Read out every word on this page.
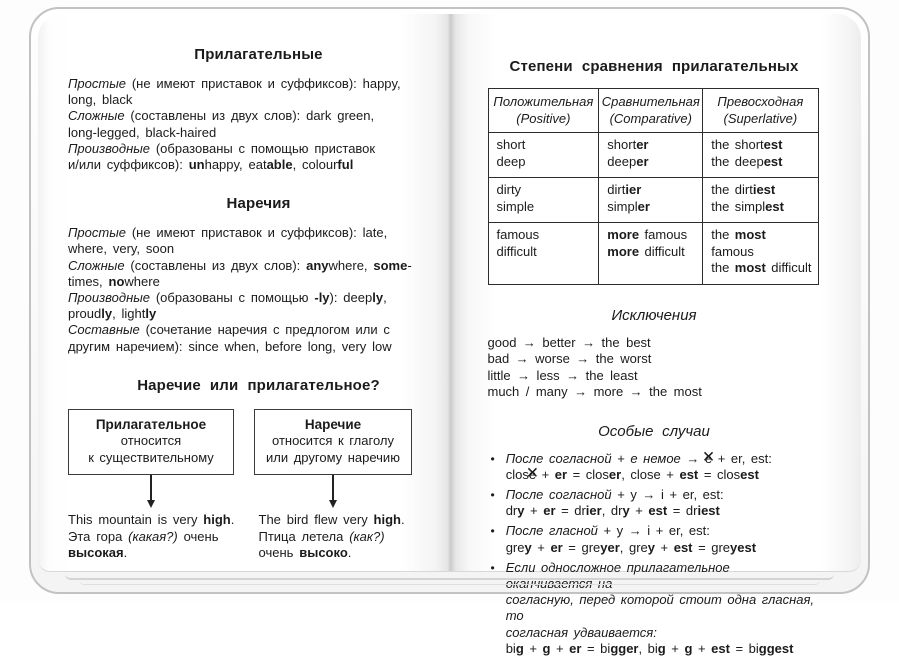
Прилагательные
Простые (не имеют приставок и суффиксов): happy,
long, black
Сложные (составлены из двух слов): dark green,
long-legged, black-haired
Производные (образованы с помощью приставок
и/или суффиксов): unhappy, eatable, colourful
Наречия
Простые (не имеют приставок и суффиксов): late,
where, very, soon
Сложные (составлены из двух слов): anywhere, some-
times, nowhere
Производные (образованы с помощью -ly): deeply,
proudly, lightly
Составные (сочетание наречия с предлогом или с
другим наречием): since when, before long, very low
Наречие или прилагательное?
Прилагательное
относится
к существительному
Наречие
относится к глаголу
или другому наречию
This mountain is very high.
Эта гора (какая?) очень
высокая.
The bird flew very high.
Птица летела (как?)
очень высоко.
Степени сравнения прилагательных
Положительная
(Positive)	Сравнительная
(Comparative)	Превосходная
(Superlative)
short
deep	shorter
deeper	the shortest
the deepest
dirty
simple	dirtier
simpler	the dirtiest
the simplest
famous
difficult	more famous
more difficult	the most famous
the most difficult
Исключения
good → better → the best
bad → worse → the worst
little → less → the least
much / many → more → the most
Особые случаи
• После согласной + е немое → е ✕ + er, est:
closе ✕ + er = closer, close + est = closest
• После согласной + y → i + er, est:
dry + er = drier, dry + est = driest
• После гласной + y → i + er, est:
grey + er = greyer, grey + est = greyest
• Если односложное прилагательное оканчивается на
согласную, перед которой стоит одна гласная, то
согласная удваивается:
big + g + er = bigger, big + g + est = biggest
